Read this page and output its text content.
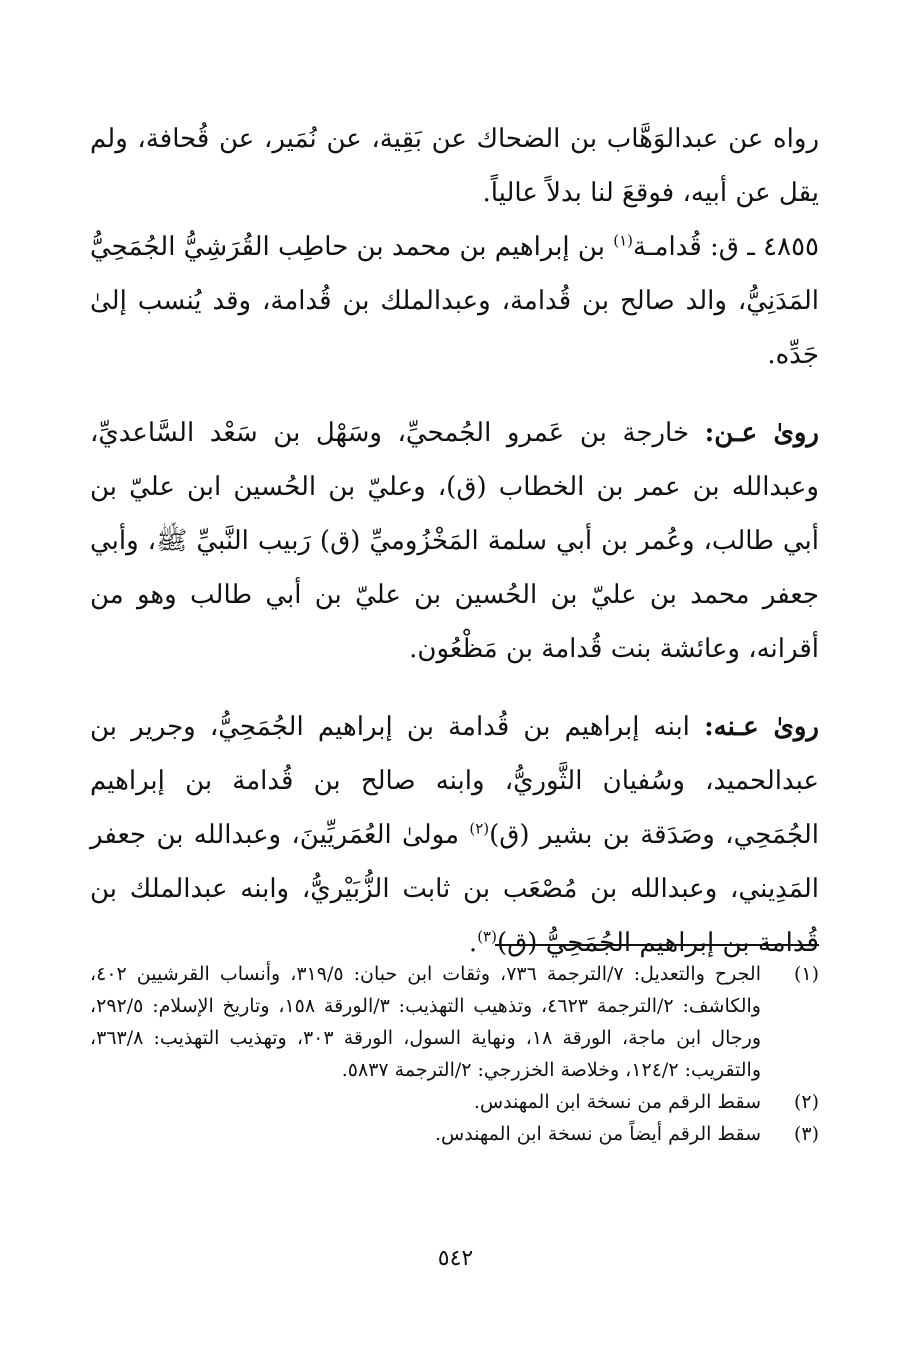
رواه عن عبدالوَهَّاب بن الضحاك عن بَقِية، عن نُمَير، عن قُحافة، ولم يقل عن أبيه، فوقعَ لنا بدلاً عالياً.

٤٨٥٥ ـ ق: قُدامـة$^{(١)}$ بن إبراهيم بن محمد بن حاطِب القُرَشِيُّ الجُمَحِيُّ المَدَنِيُّ، والد صالح بن قُدامة، وعبدالملك بن قُدامة، وقد يُنسب إلىٰ جَدِّه.

روىٰ عـن: خارجة بن عَمرو الجُمحيِّ، وسَهْل بن سَعْد السَّاعديِّ، وعبدالله بن عمر بن الخطاب (ق)، وعليّ بن الحُسين ابن عليّ بن أبي طالب، وعُمر بن أبي سلمة المَخْزُوميِّ (ق) رَبيب النَّبيِّ ﷺ، وأبي جعفر محمد بن عليّ بن الحُسين بن عليّ بن أبي طالب وهو من أقرانه، وعائشة بنت قُدامة بن مَظْعُون.

روىٰ عـنه: ابنه إبراهيم بن قُدامة بن إبراهيم الجُمَحِيُّ، وجرير بن عبدالحميد، وسُفيان الثَّوريُّ، وابنه صالح بن قُدامة بن إبراهيم الجُمَحِي، وصَدَقة بن بشير (ق)$^{(٢)}$ مولىٰ العُمَريِّينَ، وعبدالله بن جعفر المَدِيني، وعبدالله بن مُصْعَب بن ثابت الزُّبَيْريُّ، وابنه عبدالملك بن قُدامة بن إبراهيم الجُمَحِيُّ (ق)$^{(٣)}$.

(١)
الجرح والتعديل: ٧/الترجمة ٧٣٦، وثقات ابن حبان: ٣١٩/٥، وأنساب القرشيين ٤٠٢، والكاشف: ٢/الترجمة ٤٦٢٣، وتذهيب التهذيب: ٣/الورقة ١٥٨، وتاريخ الإسلام: ٢٩٢/٥، ورجال ابن ماجة، الورقة ١٨، ونهاية السول، الورقة ٣٠٣، وتهذيب التهذيب: ٣٦٣/٨، والتقريب: ١٢٤/٢، وخلاصة الخزرجي: ٢/الترجمة ٥٨٣٧.
(٢)
سقط الرقم من نسخة ابن المهندس.
(٣)
سقط الرقم أيضاً من نسخة ابن المهندس.
٥٤٢
